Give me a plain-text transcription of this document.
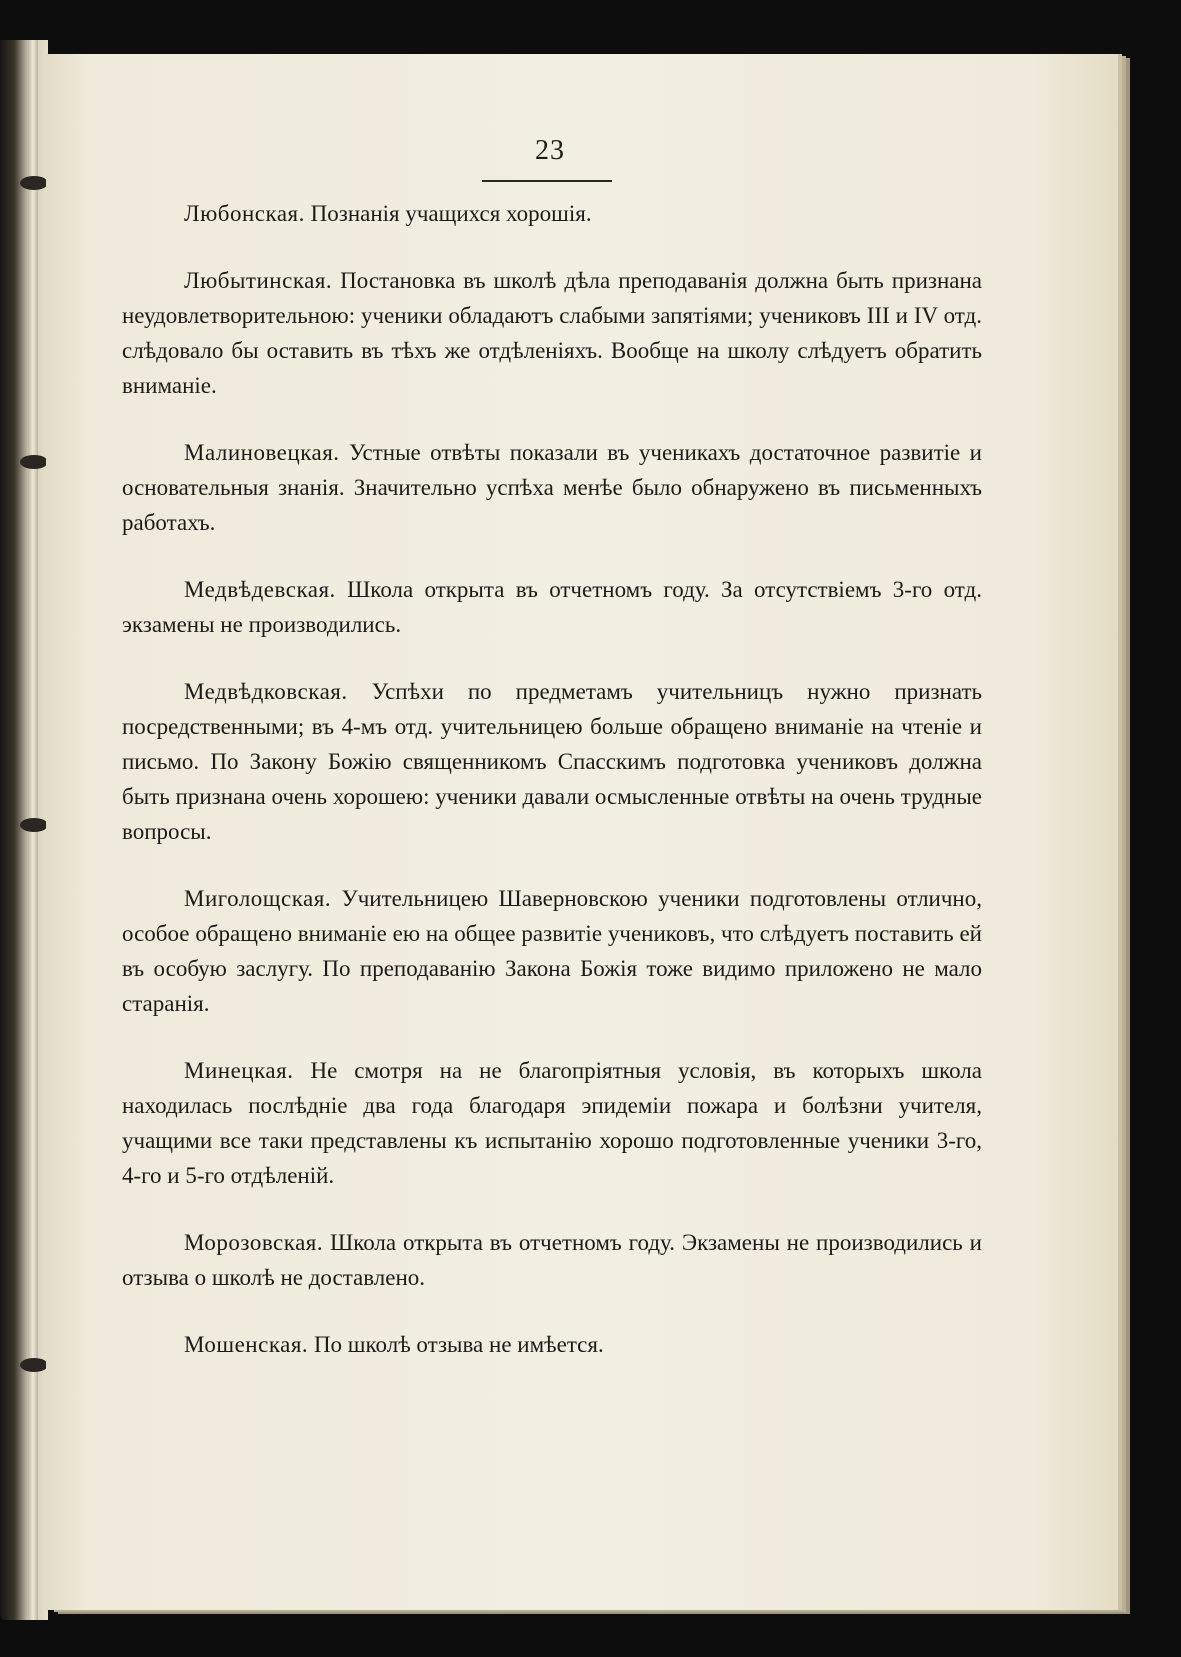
23

Любонская. Познанія учащихся хорошія.

Любытинская. Постановка въ школѣ дѣла преподаванія должна быть признана неудовлетворительною: ученики обладаютъ слабыми запятіями; учениковъ III и IV отд. слѣдовало бы оставить въ тѣхъ же отдѣленіяхъ. Вообще на школу слѣдуетъ обратить вниманіе.

Малиновецкая. Устные отвѣты показали въ ученикахъ достаточное развитіе и основательныя знанія. Значительно успѣха менѣе было обнаружено въ письменныхъ работахъ.

Медвѣдевская. Школа открыта въ отчетномъ году. За отсутствіемъ 3-го отд. экзамены не производились.

Медвѣдковская. Успѣхи по предметамъ учительницъ нужно признать посредственными; въ 4-мъ отд. учительницею больше обращено вниманіе на чтеніе и письмо. По Закону Божію священникомъ Спасскимъ подготовка учениковъ должна быть признана очень хорошею: ученики давали осмысленные отвѣты на очень трудные вопросы.

Миголощская. Учительницею Шаверновскою ученики подготовлены отлично, особое обращено вниманіе ею на общее развитіе учениковъ, что слѣдуетъ поставить ей въ особую заслугу. По преподаванію Закона Божія тоже видимо приложено не мало старанія.

Минецкая. Не смотря на не благопріятныя условія, въ которыхъ школа находилась послѣдніе два года благодаря эпидеміи пожара и болѣзни учителя, учащими все таки представлены къ испытанію хорошо подготовленные ученики 3-го, 4-го и 5-го отдѣленій.

Морозовская. Школа открыта въ отчетномъ году. Экзамены не производились и отзыва о школѣ не доставлено.

Мошенская. По школѣ отзыва не имѣется.
